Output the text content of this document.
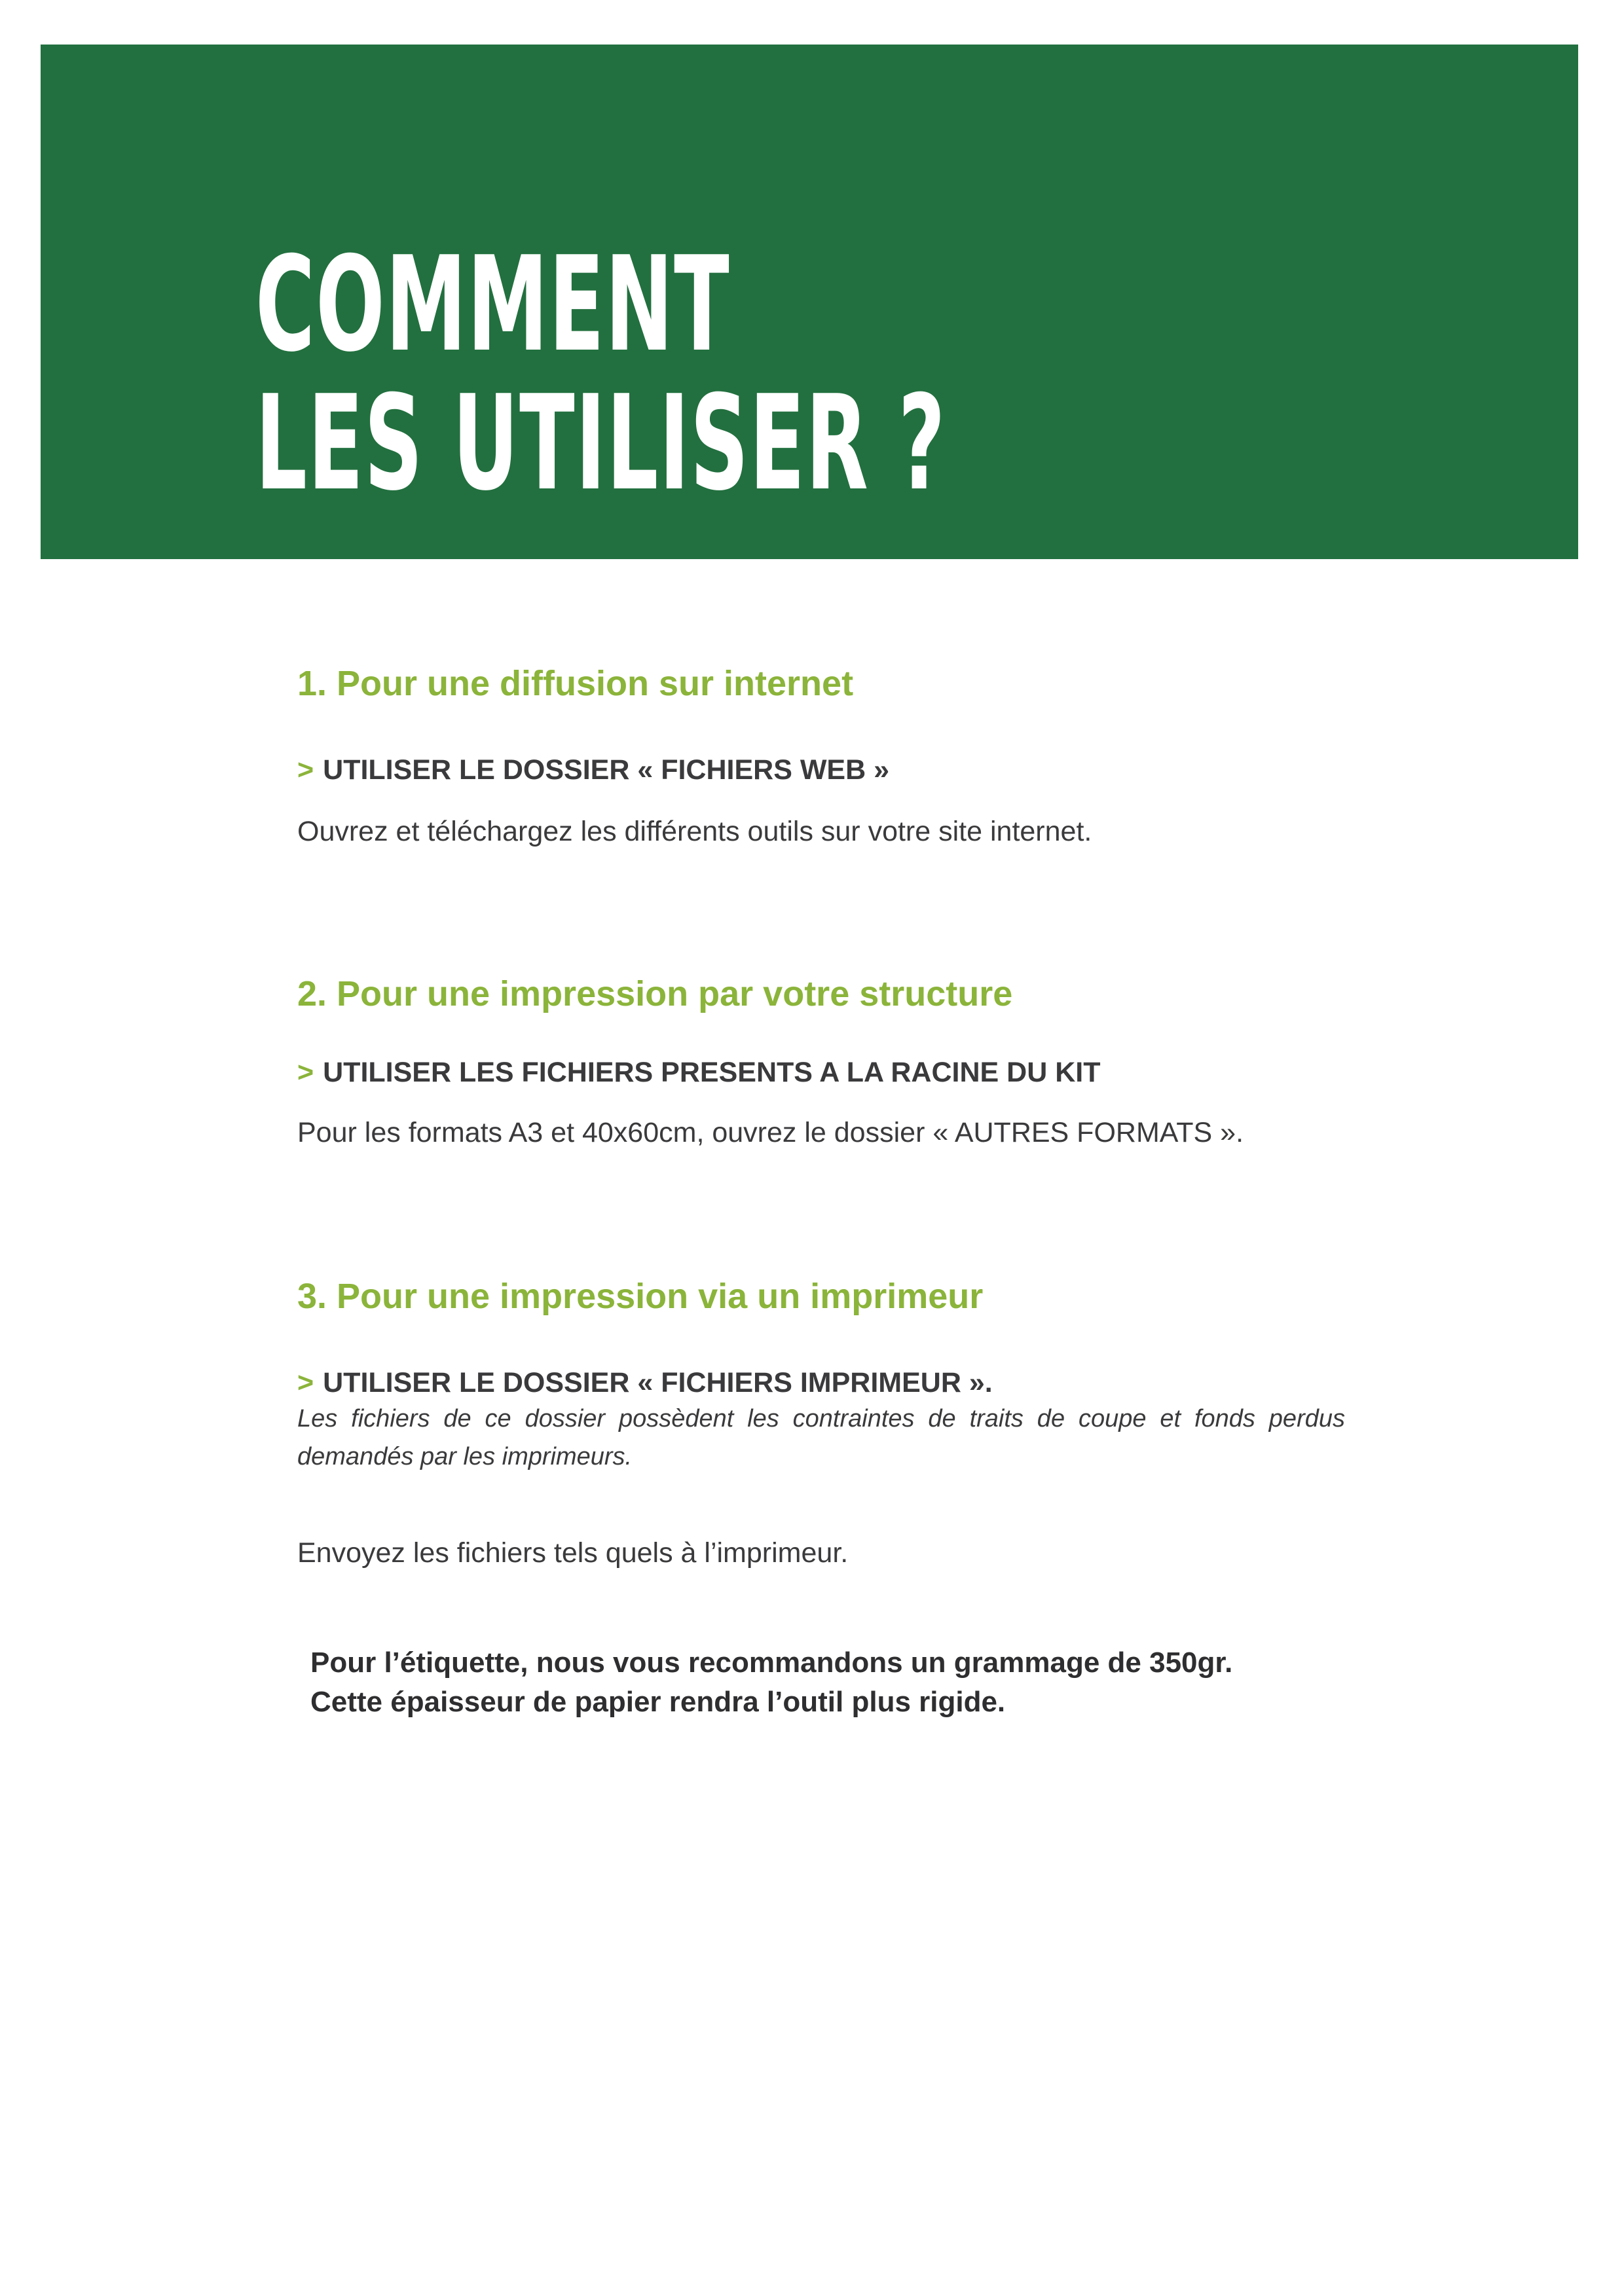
COMMENT
LES UTILISER ?
1. Pour une diffusion sur internet

> UTILISER LE DOSSIER « FICHIERS WEB »

Ouvrez et téléchargez les différents outils sur votre site internet.

2. Pour une impression par votre structure

> UTILISER LES FICHIERS PRESENTS A LA RACINE DU KIT

Pour les formats A3 et 40x60cm, ouvrez le dossier « AUTRES FORMATS ».

3. Pour une impression via un imprimeur

> UTILISER LE DOSSIER « FICHIERS IMPRIMEUR ».

Les fichiers de ce dossier possèdent les contraintes de traits de coupe et fonds perdus demandés par les imprimeurs.

Envoyez les fichiers tels quels à l’imprimeur.

Pour l’étiquette, nous vous recommandons un grammage de 350gr.
Cette épaisseur de papier rendra l’outil plus rigide.
